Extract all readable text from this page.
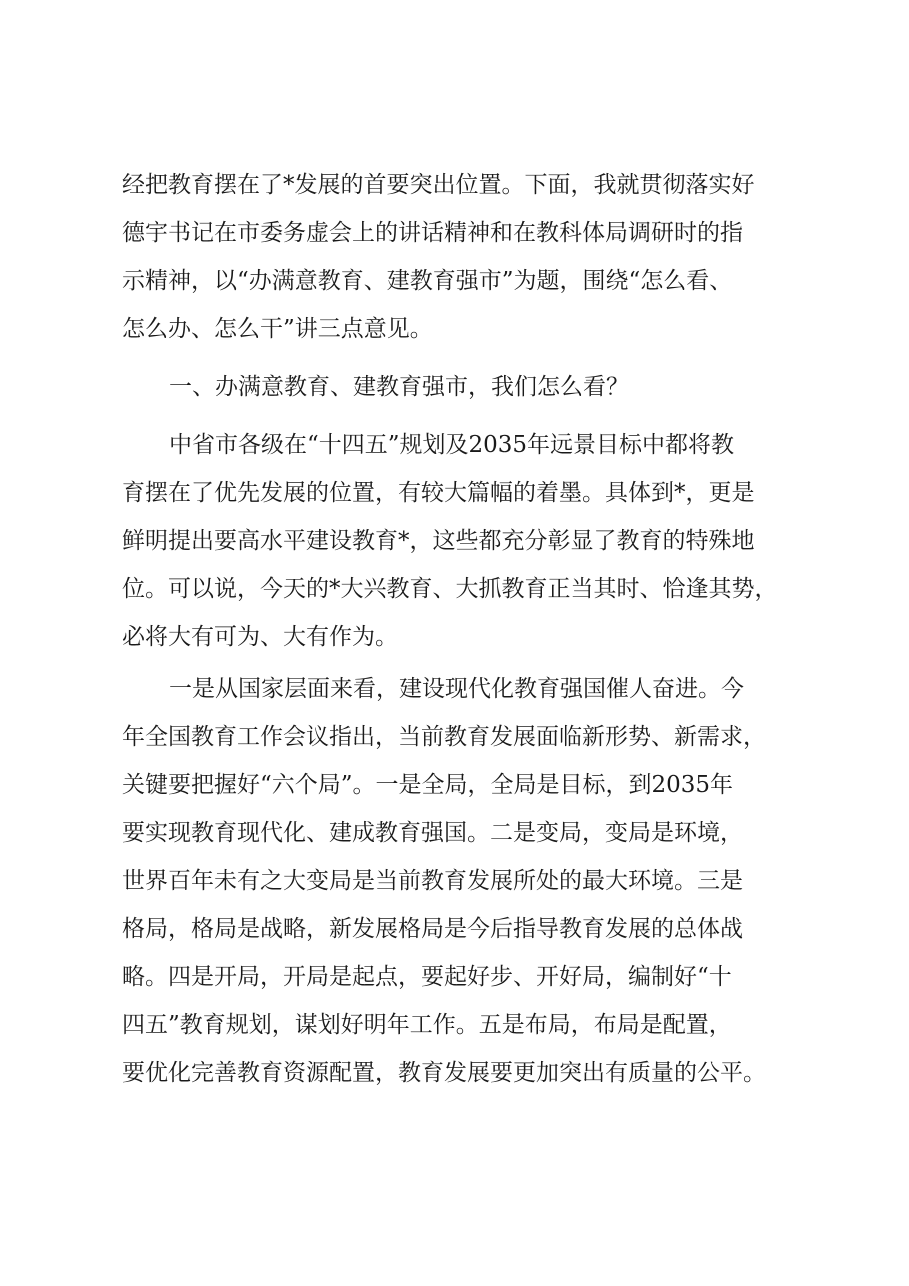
经把教育摆在了*发展的首要突出位置。下面，我就贯彻落实好
德宇书记在市委务虚会上的讲话精神和在教科体局调研时的指
示精神，以“办满意教育、建教育强市”为题，围绕“怎么看、
怎么办、怎么干”讲三点意见。
一、办满意教育、建教育强市，我们怎么看？
中省市各级在“十四五”规划及2035年远景目标中都将教
育摆在了优先发展的位置，有较大篇幅的着墨。具体到*，更是
鲜明提出要高水平建设教育*，这些都充分彰显了教育的特殊地
位。可以说，今天的*大兴教育、大抓教育正当其时、恰逢其势，
必将大有可为、大有作为。
一是从国家层面来看，建设现代化教育强国催人奋进。今
年全国教育工作会议指出，当前教育发展面临新形势、新需求，
关键要把握好“六个局”。一是全局，全局是目标，到2035年
要实现教育现代化、建成教育强国。二是变局，变局是环境，
世界百年未有之大变局是当前教育发展所处的最大环境。三是
格局，格局是战略，新发展格局是今后指导教育发展的总体战
略。四是开局，开局是起点，要起好步、开好局，编制好“十
四五”教育规划，谋划好明年工作。五是布局，布局是配置，
要优化完善教育资源配置，教育发展要更加突出有质量的公平。
